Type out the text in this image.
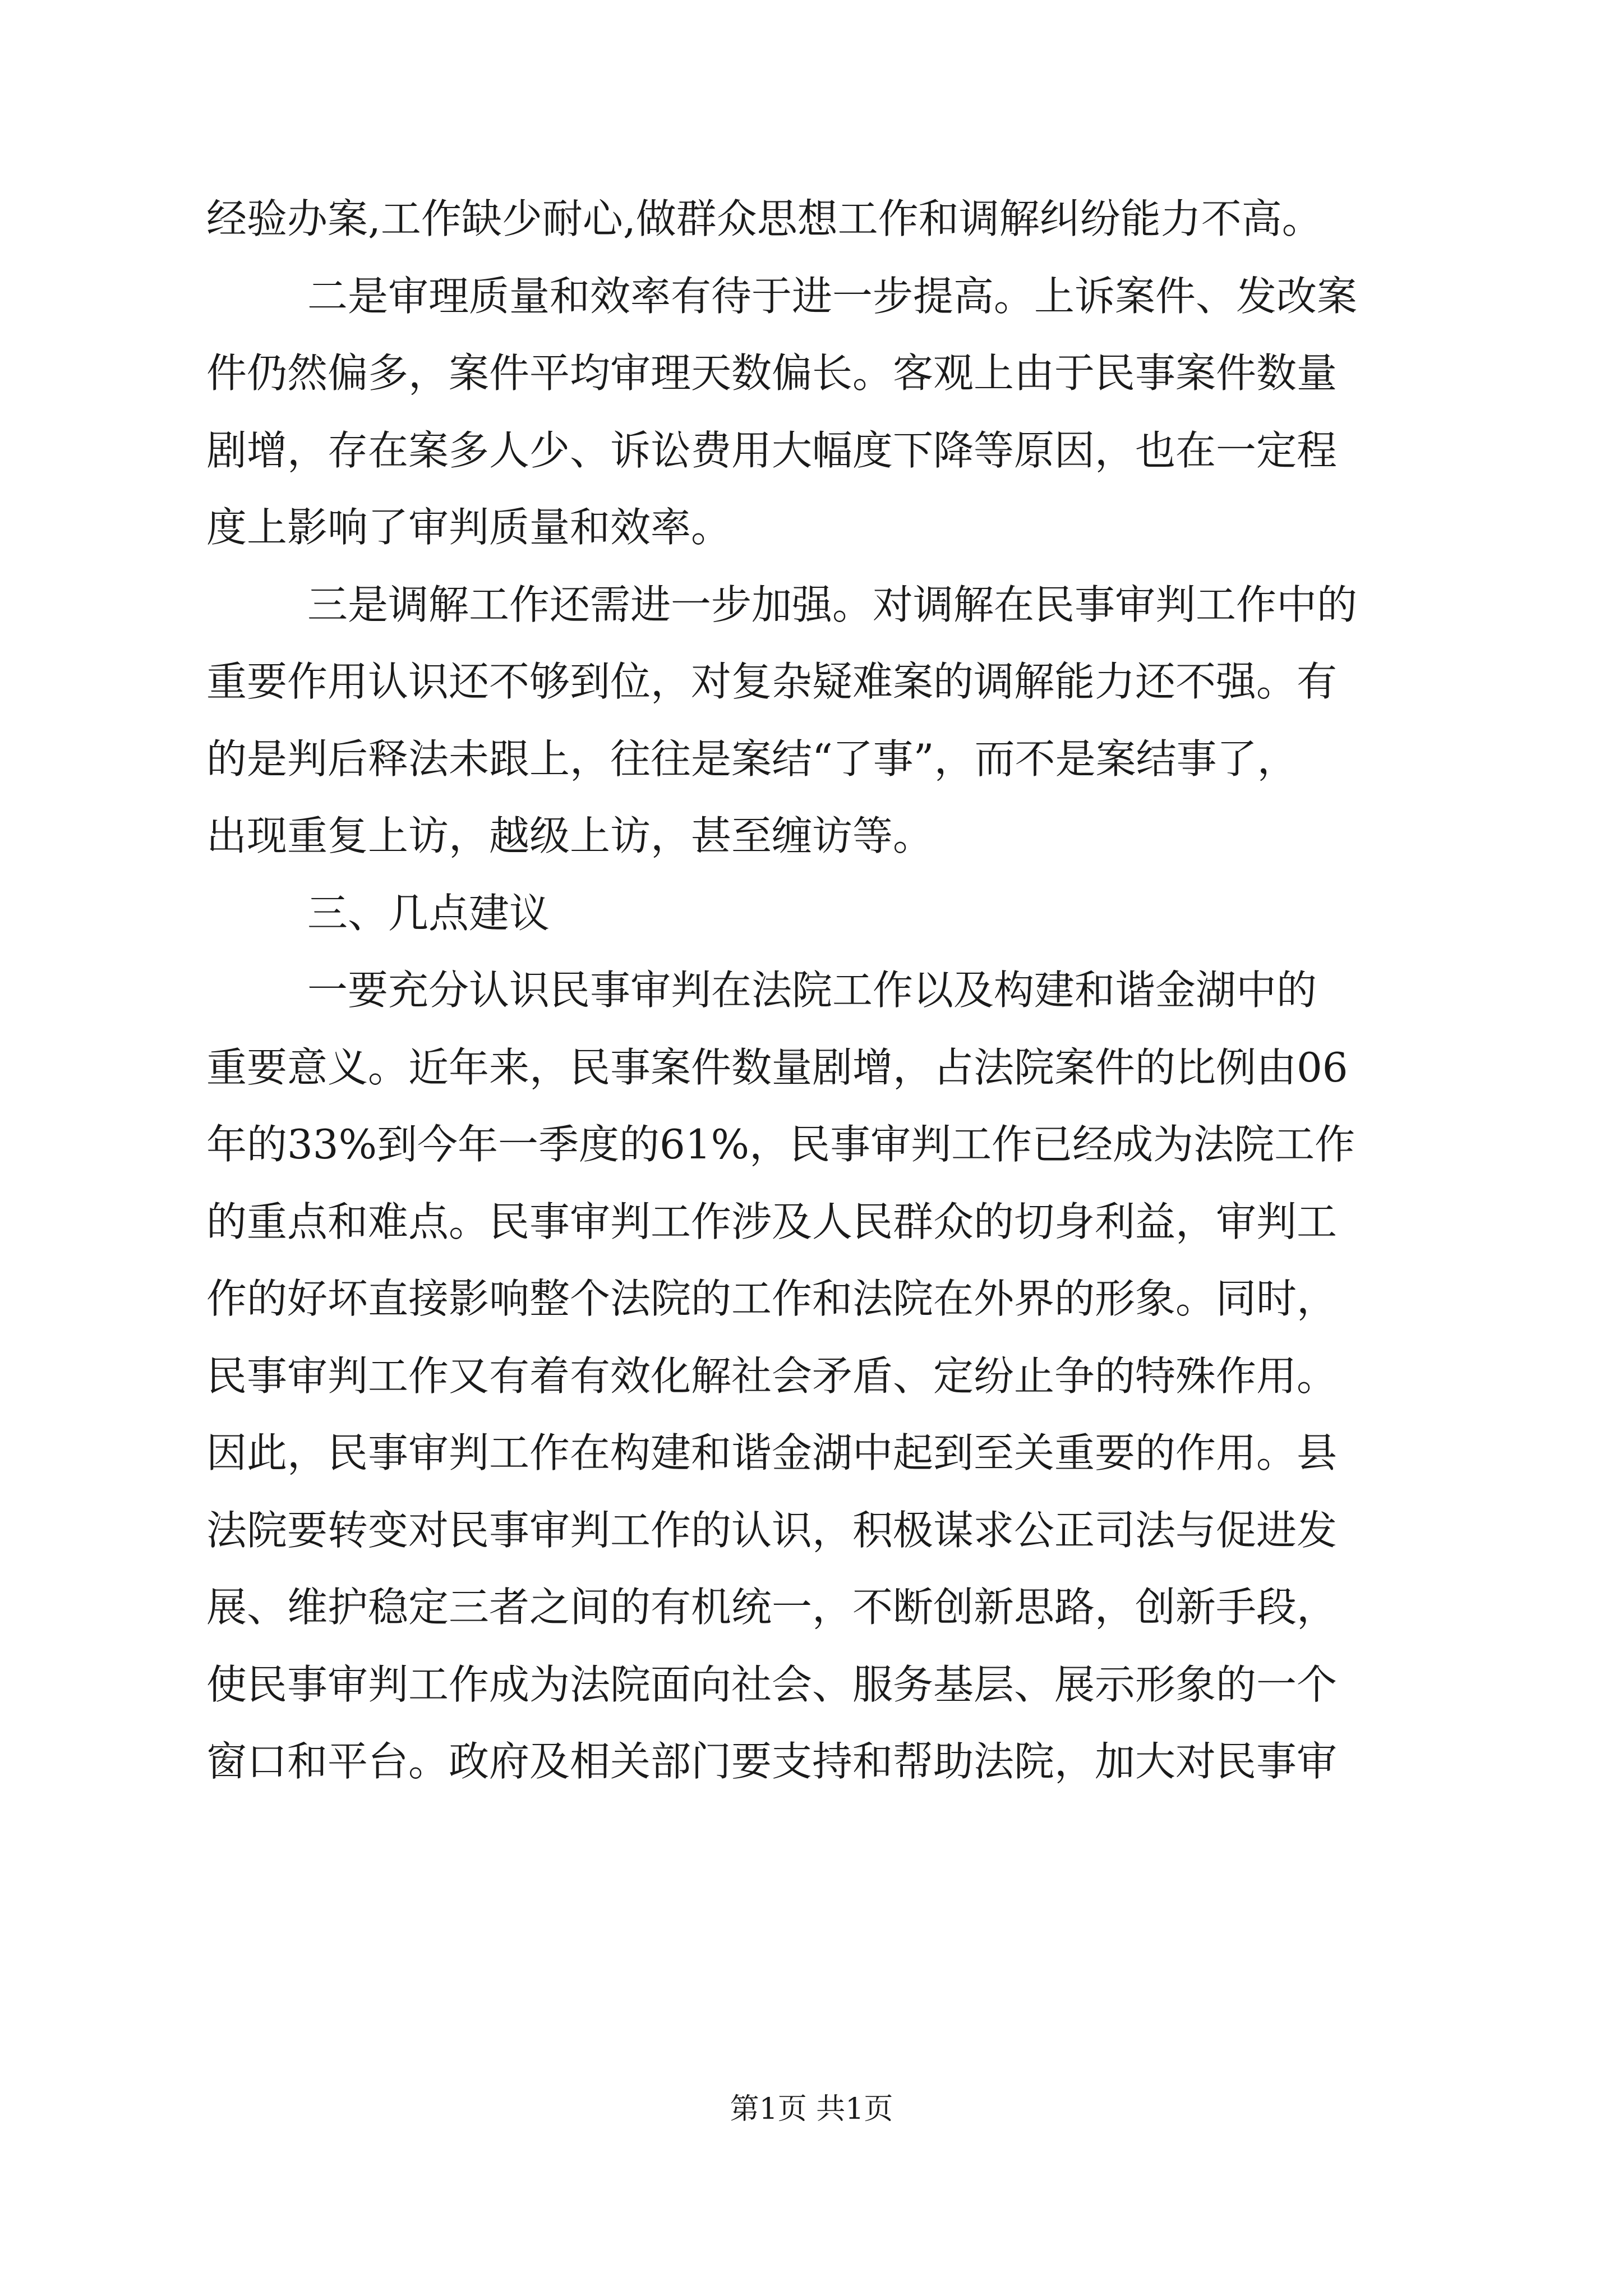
经验办案,工作缺少耐心,做群众思想工作和调解纠纷能力不高。

二是审理质量和效率有待于进一步提高。上诉案件、发改案

件仍然偏多，案件平均审理天数偏长。客观上由于民事案件数量

剧增，存在案多人少、诉讼费用大幅度下降等原因，也在一定程

度上影响了审判质量和效率。

三是调解工作还需进一步加强。对调解在民事审判工作中的

重要作用认识还不够到位，对复杂疑难案的调解能力还不强。有

的是判后释法未跟上，往往是案结“了事”，而不是案结事了，

出现重复上访，越级上访，甚至缠访等。

三、几点建议

一要充分认识民事审判在法院工作以及构建和谐金湖中的

重要意义。近年来，民事案件数量剧增，占法院案件的比例由06

年的33%到今年一季度的61%，民事审判工作已经成为法院工作

的重点和难点。民事审判工作涉及人民群众的切身利益，审判工

作的好坏直接影响整个法院的工作和法院在外界的形象。同时，

民事审判工作又有着有效化解社会矛盾、定纷止争的特殊作用。

因此，民事审判工作在构建和谐金湖中起到至关重要的作用。县

法院要转变对民事审判工作的认识，积极谋求公正司法与促进发

展、维护稳定三者之间的有机统一，不断创新思路，创新手段，

使民事审判工作成为法院面向社会、服务基层、展示形象的一个

窗口和平台。政府及相关部门要支持和帮助法院，加大对民事审

第1页 共1页
